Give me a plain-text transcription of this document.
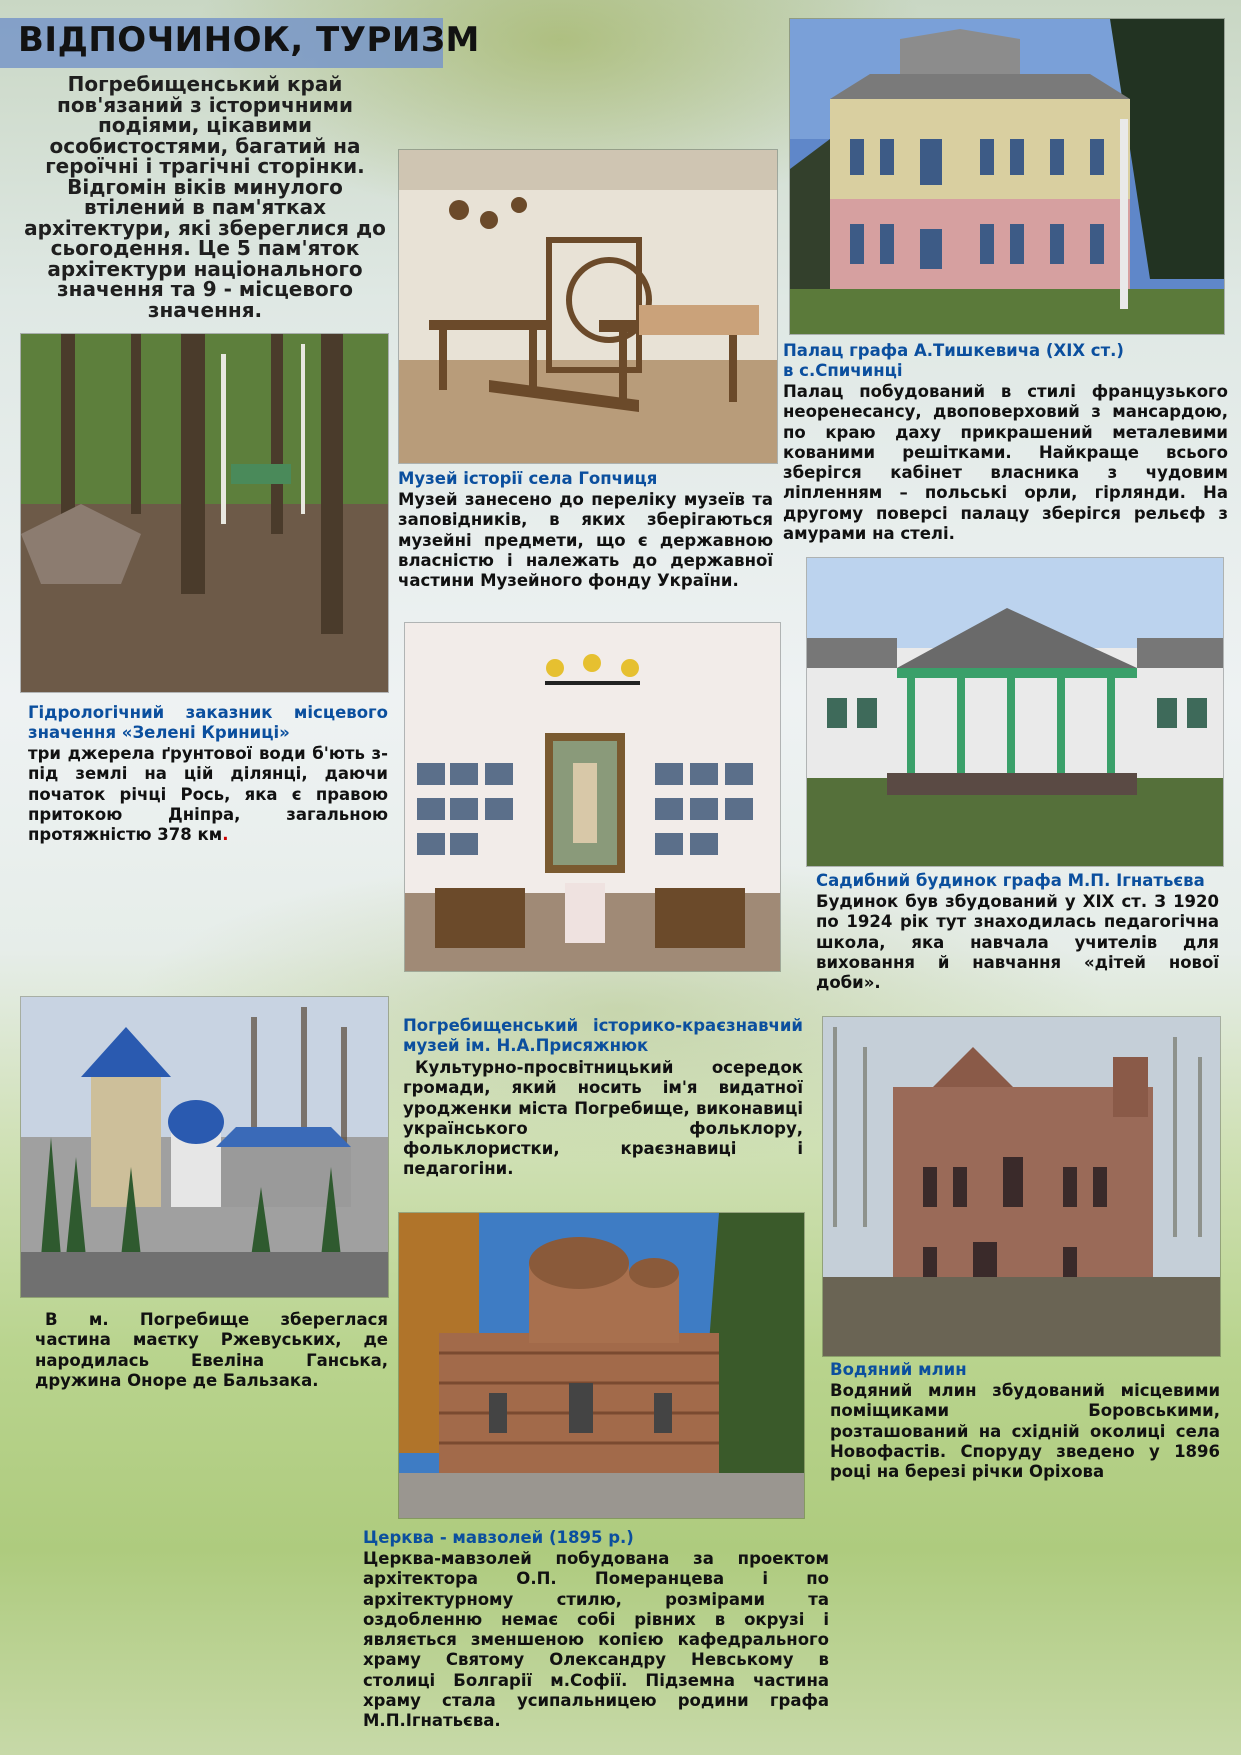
ВІДПОЧИНОК, ТУРИЗМ
Погребищенський край пов'язаний з історичними подіями, цікавими особистостями, багатий на героїчні і трагічні сторінки. Відгомін віків минулого втілений в пам'ятках архітектури, які збереглися до сьогодення. Це 5 пам'яток архітектури національного значення та 9 - місцевого значення.
Палац графа А.Тишкевича (XIX ст.)
в с.Спичинці
Палац побудований в стилі французького неоренесансу, двоповерховий з мансардою, по краю даху прикрашений металевими кованими решітками. Найкраще всього зберігся кабінет власника з чудовим ліпленням – польські орли, гірлянди. На другому поверсі палацу зберігся рельєф з амурами на стелі.
Музей історії села Гопчиця
Музей занесено до переліку музеїв та заповідників, в яких зберігаються музейні предмети, що є державною власністю і належать до державної частини Музейного фонду України.
Гідрологічний заказник місцевого значення «Зелені Криниці»
три джерела ґрунтової води б'ють з-під землі на цій ділянці, даючи початок річці Рось, яка є правою притокою Дніпра, загальною протяжністю 378 км.
Садибний будинок графа М.П. Ігнатьєва
Будинок був збудований у XIX ст. З 1920 по 1924 рік тут знаходилась педагогічна школа, яка навчала учителів для виховання й навчання «дітей нової доби».
Погребищенський історико-краєзнавчий музей ім. Н.А.Присяжнюк
Культурно-просвітницький осередок громади, який носить ім'я видатної уродженки міста Погребище, виконавиці українського фольклору, фольклористки, краєзнавиці і педагогіни.
В м. Погребище збереглася частина маєтку Ржевуських, де народилась Евеліна Ганська, дружина Оноре де Бальзака.
Водяний млин
Водяний млин збудований місцевими поміщиками Боровськими, розташований на східній околиці села Новофастів. Споруду зведено у 1896 році на березі річки Оріхова
Церква - мавзолей (1895 р.)
Церква-мавзолей побудована за проектом архітектора О.П. Померанцева і по архітектурному стилю, розмірами та оздобленню немає собі рівних в окрузі і являється зменшеною копією кафедрального храму Святому Олександру Невському в столиці Болгарії м.Софії. Підземна частина храму стала усипальницею родини графа М.П.Ігнатьєва.
